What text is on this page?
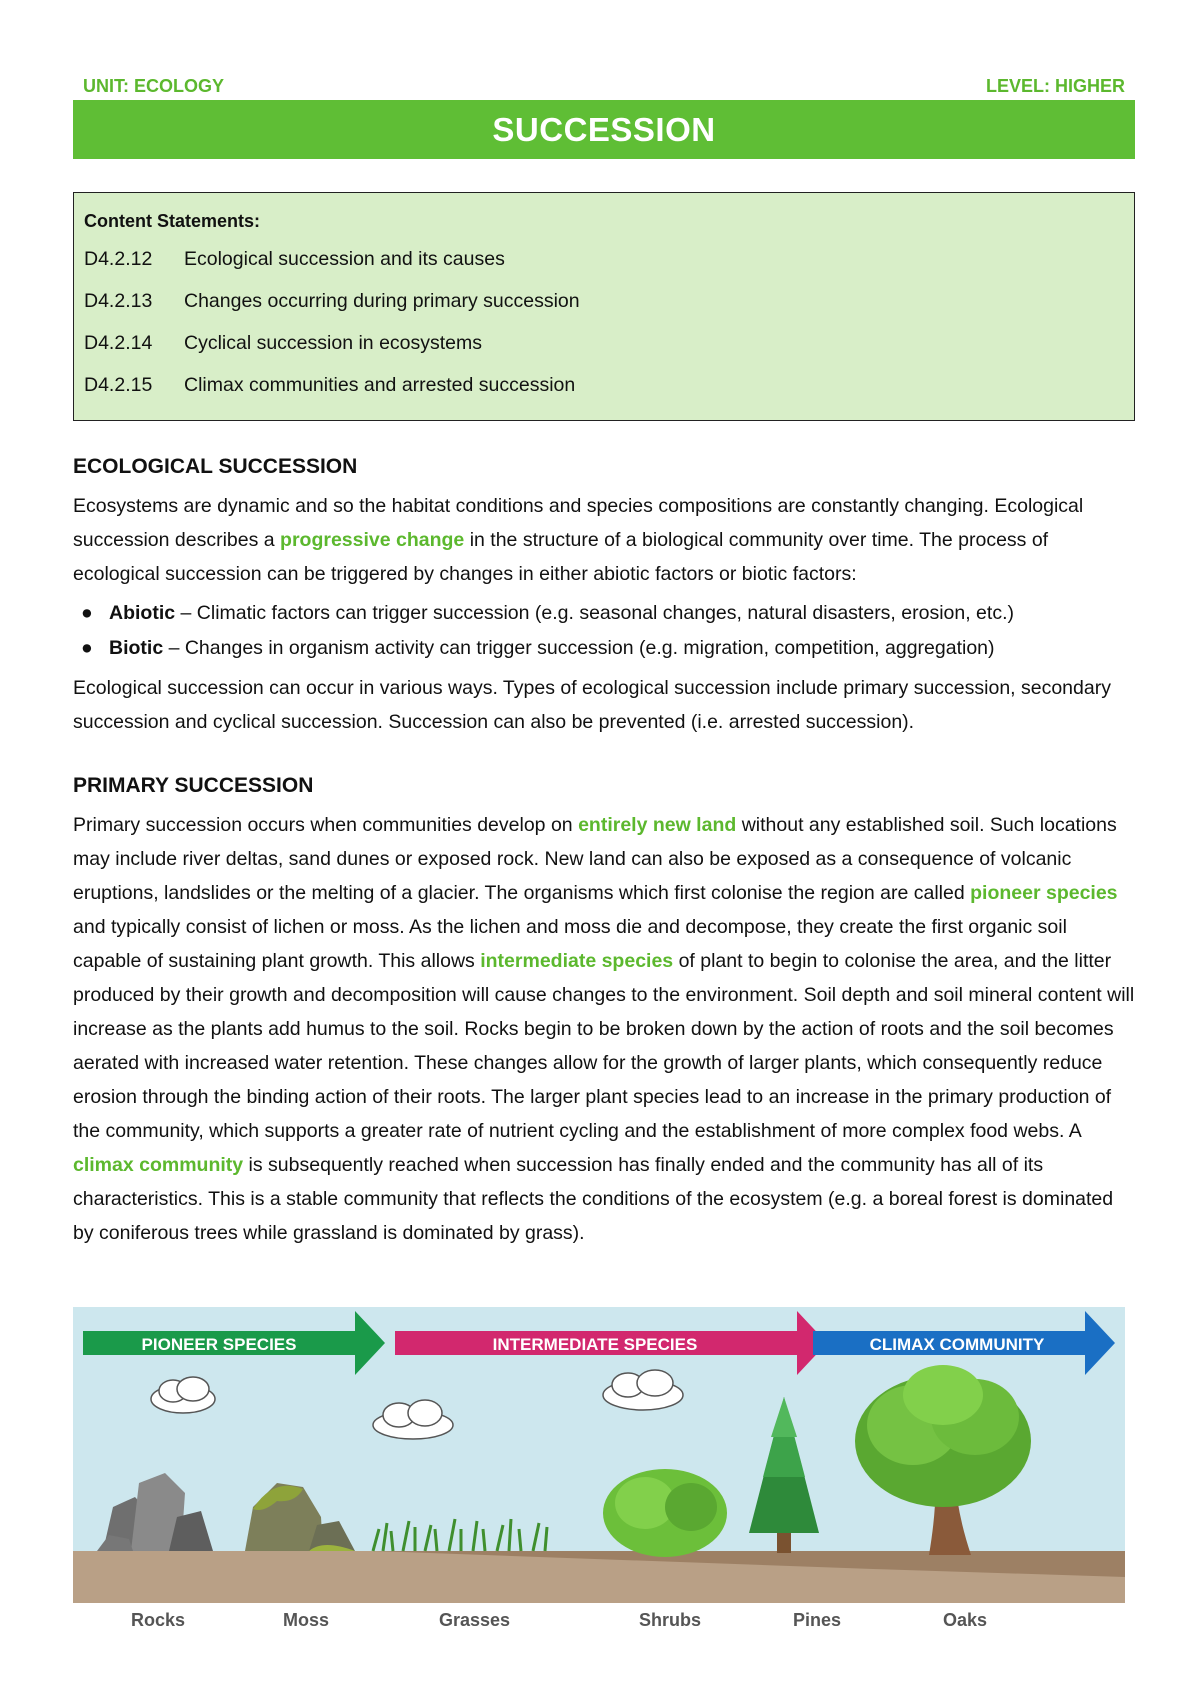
UNIT: ECOLOGY	LEVEL: HIGHER
SUCCESSION
Content Statements:
D4.2.12	Ecological succession and its causes
D4.2.13	Changes occurring during primary succession
D4.2.14	Cyclical succession in ecosystems
D4.2.15	Climax communities and arrested succession
ECOLOGICAL SUCCESSION
Ecosystems are dynamic and so the habitat conditions and species compositions are constantly changing. Ecological succession describes a progressive change in the structure of a biological community over time. The process of ecological succession can be triggered by changes in either abiotic factors or biotic factors:
● Abiotic – Climatic factors can trigger succession (e.g. seasonal changes, natural disasters, erosion, etc.)
● Biotic – Changes in organism activity can trigger succession (e.g. migration, competition, aggregation)
Ecological succession can occur in various ways. Types of ecological succession include primary succession, secondary succession and cyclical succession. Succession can also be prevented (i.e. arrested succession).
PRIMARY SUCCESSION
Primary succession occurs when communities develop on entirely new land without any established soil. Such locations may include river deltas, sand dunes or exposed rock. New land can also be exposed as a consequence of volcanic eruptions, landslides or the melting of a glacier. The organisms which first colonise the region are called pioneer species and typically consist of lichen or moss. As the lichen and moss die and decompose, they create the first organic soil capable of sustaining plant growth. This allows intermediate species of plant to begin to colonise the area, and the litter produced by their growth and decomposition will cause changes to the environment. Soil depth and soil mineral content will increase as the plants add humus to the soil. Rocks begin to be broken down by the action of roots and the soil becomes aerated with increased water retention. These changes allow for the growth of larger plants, which consequently reduce erosion through the binding action of their roots. The larger plant species lead to an increase in the primary production of the community, which supports a greater rate of nutrient cycling and the establishment of more complex food webs. A climax community is subsequently reached when succession has finally ended and the community has all of its characteristics. This is a stable community that reflects the conditions of the ecosystem (e.g. a boreal forest is dominated by coniferous trees while grassland is dominated by grass).
PIONEER SPECIES	INTERMEDIATE SPECIES	CLIMAX COMMUNITY
Rocks	Moss	Grasses	Shrubs	Pines	Oaks
